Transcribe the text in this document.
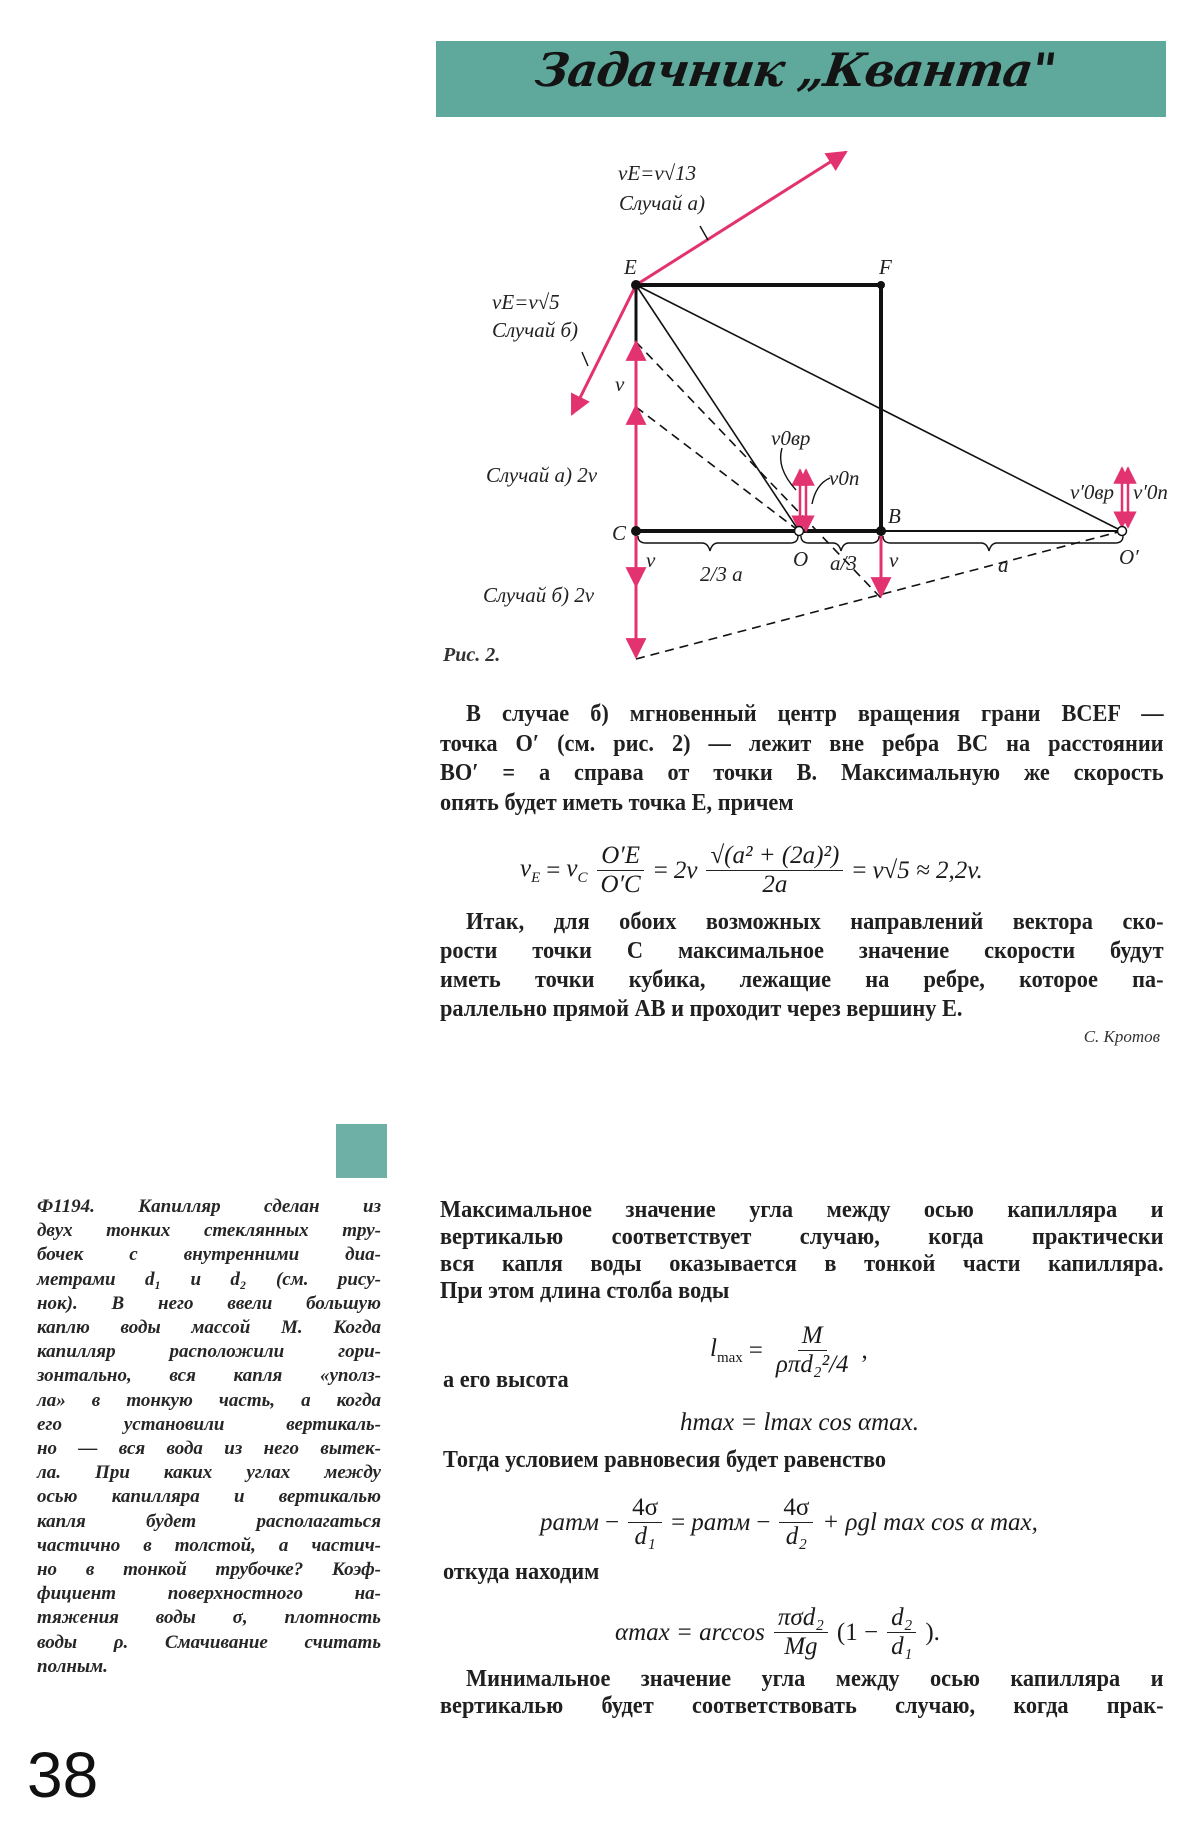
Задачник „Кванта"
vE=v√13
Случай а)
E	F
vE=v√5
Случай б)
v
Случай а) 2v
v0вр
v0п
v′0вр v′0п
B
C
v
2/3 a
O a/3 v	a	O′
Случай б) 2v
Рис. 2.
В случае б) мгновенный центр вращения грани BCEF —
точка O′ (см. рис. 2) — лежит вне ребра BC на расстоянии
BO′ = a справа от точки B. Максимальную же скорость
опять будет иметь точка E, причем
$v_E = v_C \frac{O'E}{O'C} = 2v \frac{\text{√(a² + (2a)²)}}{2a} = v√5 \approx 2,2v$.
Итак, для обоих возможных направлений вектора ско-
рости точки C максимальное значение скорости будут
иметь точки кубика, лежащие на ребре, которое па-
раллельно прямой AB и проходит через вершину E.
С. Кротов
Ф1194. Капилляр сделан из
двух тонких стеклянных тру-
бочек с внутренними диа-
метрами d₁ и d₂ (см. рису-
нок). В него ввели большую
каплю воды массой M. Когда
капилляр расположили гори-
зонтально, вся капля «уполз-
ла» в тонкую часть, а когда
его установили вертикаль-
но — вся вода из него вытек-
ла. При каких углах между
осью капилляра и вертикалью
капля будет располагаться
частично в толстой, а частич-
но в тонкой трубочке? Коэф-
фициент поверхностного на-
тяжения воды σ, плотность
воды ρ. Смачивание считать
полным.
Максимальное значение угла между осью капилляра и
вертикалью соответствует случаю, когда практически
вся капля воды оказывается в тонкой части капилляра.
При этом длина столба воды
$l_{max} = \frac{M}{\text{ρπd₂²/4}}$ ,
а его высота
hmax = lmax cos αmax.
Тогда условием равновесия будет равенство
pатм − $\frac{4\sigma}{\text{d₁}}$ = pатм − $\frac{4\sigma}{\text{d₂}} + \rho gl$ max cos α max,
откуда находим
$\alpha\max = \arccos \frac{\text{πσd₂}}{Mg} (1 - \frac{\text{d₂}}{\text{d₁}}$ ).
Минимальное значение угла между осью капилляра и
вертикалью будет соответствовать случаю, когда прак-
38
